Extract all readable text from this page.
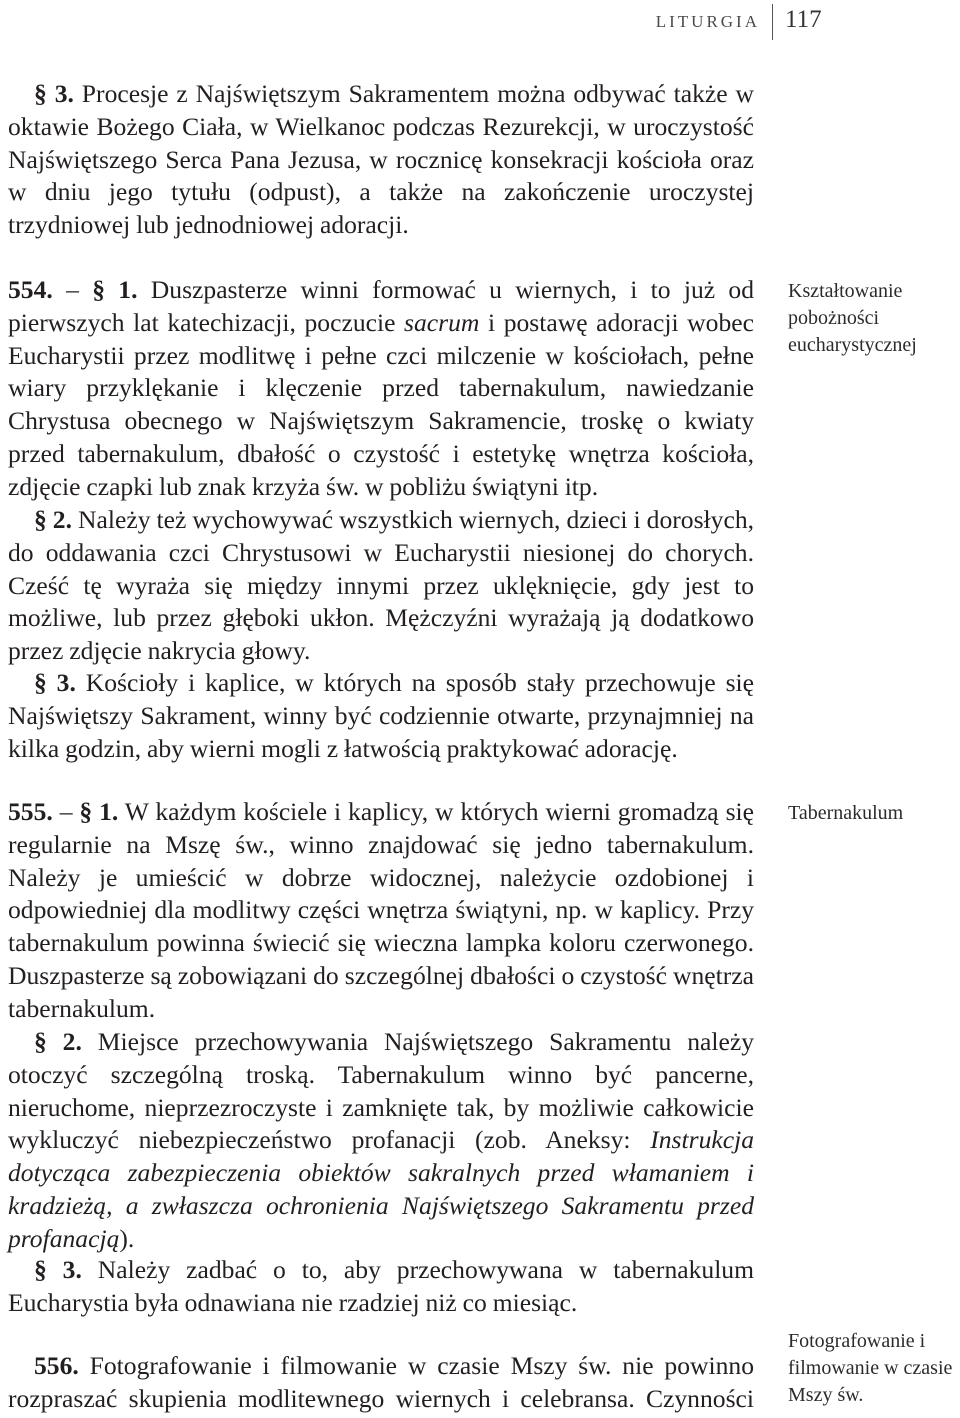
LITURGIA 117

§ 3. Procesje z Najświętszym Sakramentem można odbywać także w oktawie Bożego Ciała, w Wielkanoc podczas Rezurekcji, w uroczystość Najświętszego Serca Pana Jezusa, w rocznicę konsekracji kościoła oraz w dniu jego tytułu (odpust), a także na zakończenie uroczystej trzydniowej lub jednodniowej adoracji.

554. – § 1. Duszpasterze winni formować u wiernych, i to już od pierwszych lat katechizacji, poczucie sacrum i postawę adoracji wobec Eucharystii przez modlitwę i pełne czci milczenie w kościołach, pełne wiary przyklękanie i klęczenie przed tabernakulum, nawiedzanie Chrystusa obecnego w Najświętszym Sakramencie, troskę o kwiaty przed tabernakulum, dbałość o czystość i estetykę wnętrza kościoła, zdjęcie czapki lub znak krzyża św. w pobliżu świątyni itp.

Kształtowanie pobożności eucharystycznej

§ 2. Należy też wychowywać wszystkich wiernych, dzieci i dorosłych, do oddawania czci Chrystusowi w Eucharystii niesionej do chorych. Cześć tę wyraża się między innymi przez uklęknięcie, gdy jest to możliwe, lub przez głęboki ukłon. Mężczyźni wyrażają ją dodatkowo przez zdjęcie nakrycia głowy.

§ 3. Kościoły i kaplice, w których na sposób stały przechowuje się Najświętszy Sakrament, winny być codziennie otwarte, przynajmniej na kilka godzin, aby wierni mogli z łatwością praktykować adorację.

555. – § 1. W każdym kościele i kaplicy, w których wierni gromadzą się regularnie na Mszę św., winno znajdować się jedno tabernakulum. Należy je umieścić w dobrze widocznej, należycie ozdobionej i odpowiedniej dla modlitwy części wnętrza świątyni, np. w kaplicy. Przy tabernakulum powinna świecić się wieczna lampka koloru czerwonego. Duszpasterze są zobowiązani do szczególnej dbałości o czystość wnętrza tabernakulum.

Tabernakulum

§ 2. Miejsce przechowywania Najświętszego Sakramentu należy otoczyć szczególną troską. Tabernakulum winno być pancerne, nieruchome, nieprzezroczyste i zamknięte tak, by możliwie całkowicie wykluczyć niebezpieczeństwo profanacji (zob. Aneksy: Instrukcja dotycząca zabezpieczenia obiektów sakralnych przed włamaniem i kradzieżą, a zwłaszcza ochronienia Najświętszego Sakramentu przed profanacją).

§ 3. Należy zadbać o to, aby przechowywana w tabernakulum Eucharystia była odnawiana nie rzadziej niż co miesiąc.

556. Fotografowanie i filmowanie w czasie Mszy św. nie powinno rozpraszać skupienia modlitewnego wiernych i celebransa. Czynności

Fotografowanie i filmowanie w czasie Mszy św.
